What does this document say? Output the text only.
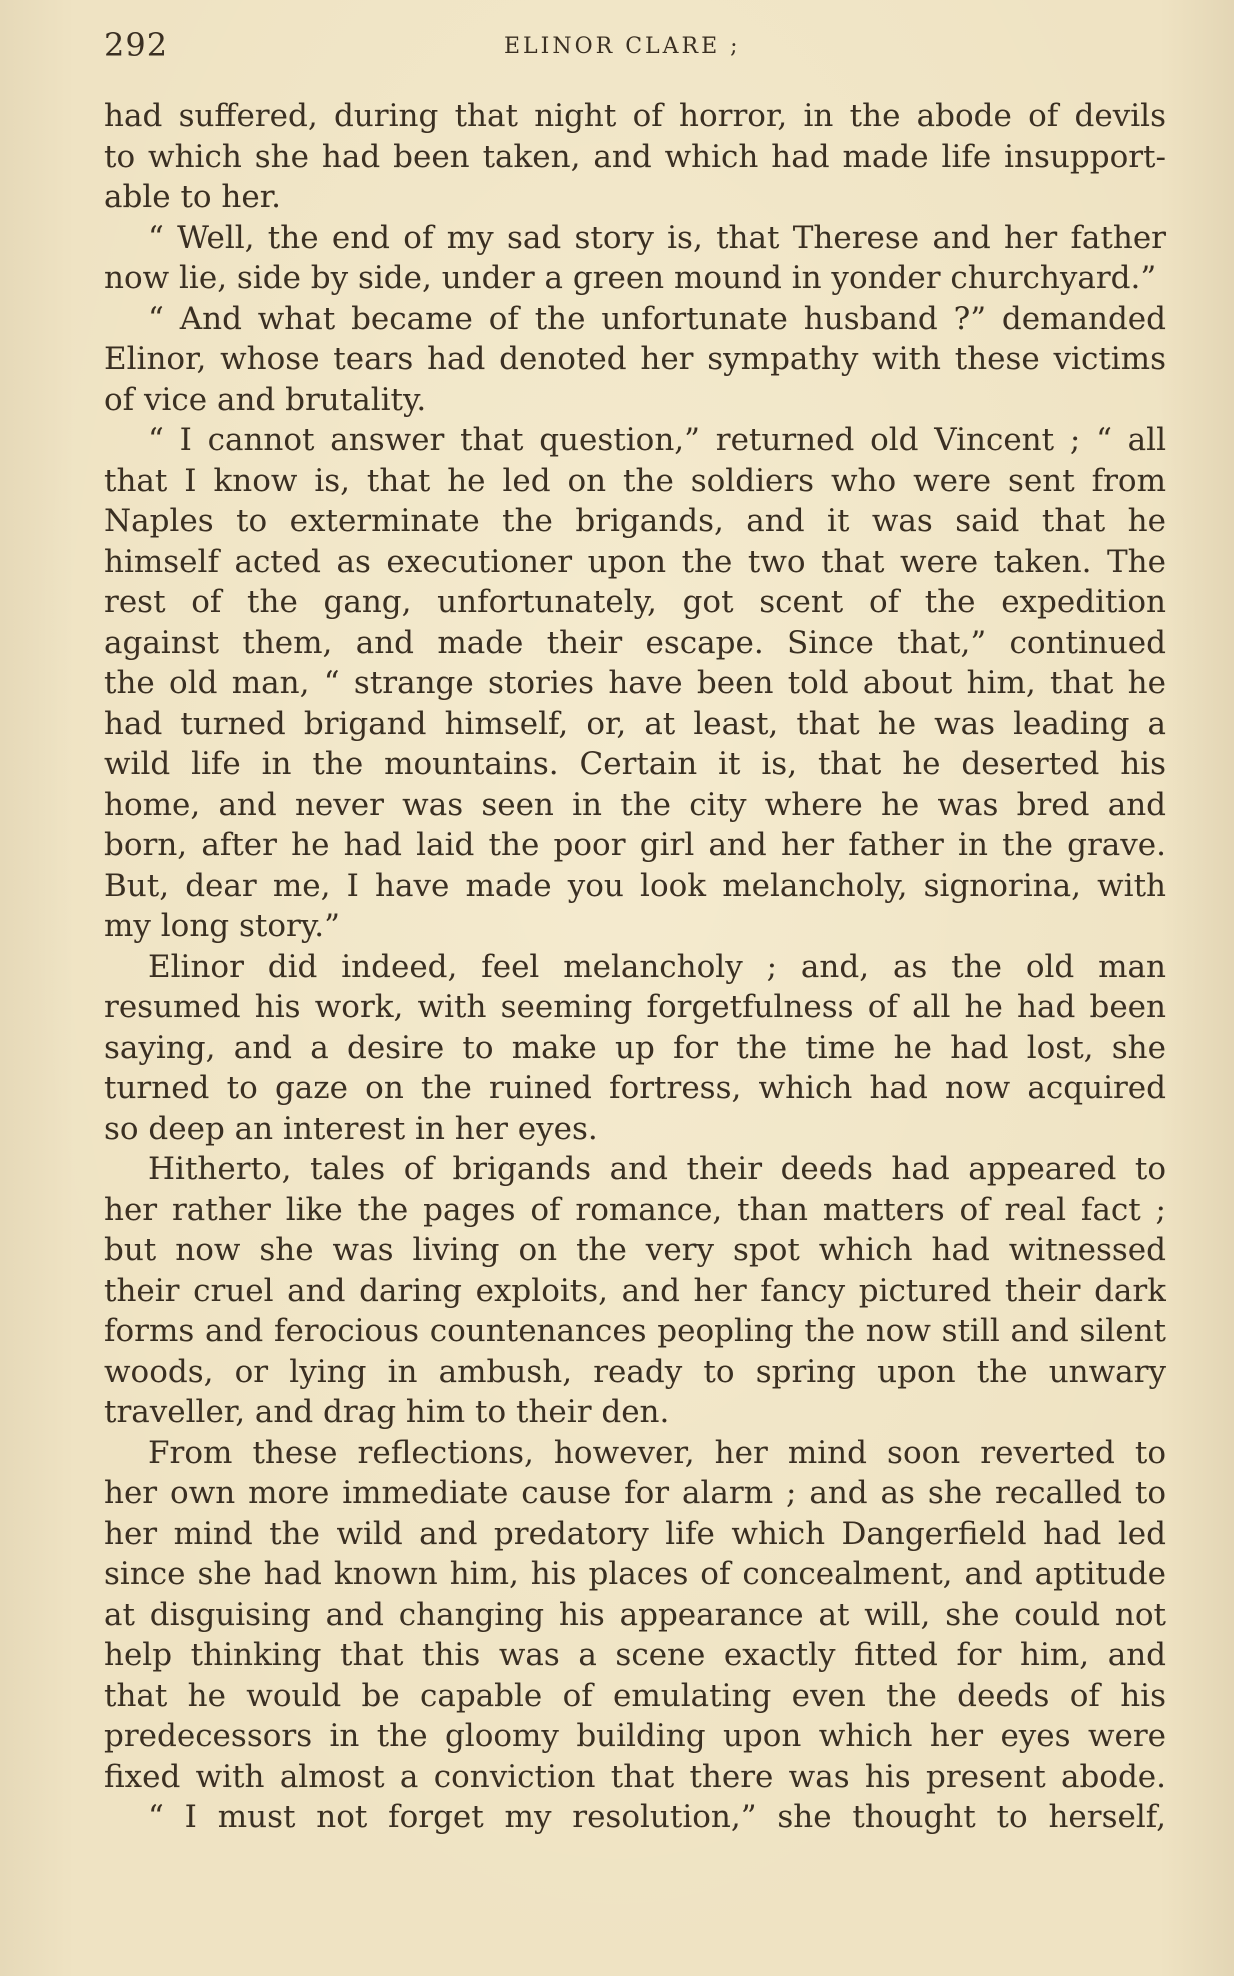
292	ELINOR CLARE ;
had suffered, during that night of horror, in the abode of devils
to which she had been taken, and which had made life insupport-
able to her.
“ Well, the end of my sad story is, that Therese and her father
now lie, side by side, under a green mound in yonder churchyard.”
“ And what became of the unfortunate husband ?” demanded
Elinor, whose tears had denoted her sympathy with these victims
of vice and brutality.
“ I cannot answer that question,” returned old Vincent ; “ all
that I know is, that he led on the soldiers who were sent from
Naples to exterminate the brigands, and it was said that he
himself acted as executioner upon the two that were taken. The
rest of the gang, unfortunately, got scent of the expedition
against them, and made their escape. Since that,” continued
the old man, “ strange stories have been told about him, that he
had turned brigand himself, or, at least, that he was leading a
wild life in the mountains. Certain it is, that he deserted his
home, and never was seen in the city where he was bred and
born, after he had laid the poor girl and her father in the grave.
But, dear me, I have made you look melancholy, signorina, with
my long story.”
Elinor did indeed, feel melancholy ; and, as the old man
resumed his work, with seeming forgetfulness of all he had been
saying, and a desire to make up for the time he had lost, she
turned to gaze on the ruined fortress, which had now acquired
so deep an interest in her eyes.
Hitherto, tales of brigands and their deeds had appeared to
her rather like the pages of romance, than matters of real fact ;
but now she was living on the very spot which had witnessed
their cruel and daring exploits, and her fancy pictured their dark
forms and ferocious countenances peopling the now still and silent
woods, or lying in ambush, ready to spring upon the unwary
traveller, and drag him to their den.
From these reflections, however, her mind soon reverted to
her own more immediate cause for alarm ; and as she recalled to
her mind the wild and predatory life which Dangerfield had led
since she had known him, his places of concealment, and aptitude
at disguising and changing his appearance at will, she could not
help thinking that this was a scene exactly fitted for him, and
that he would be capable of emulating even the deeds of his
predecessors in the gloomy building upon which her eyes were
fixed with almost a conviction that there was his present abode.
“ I must not forget my resolution,” she thought to herself,
